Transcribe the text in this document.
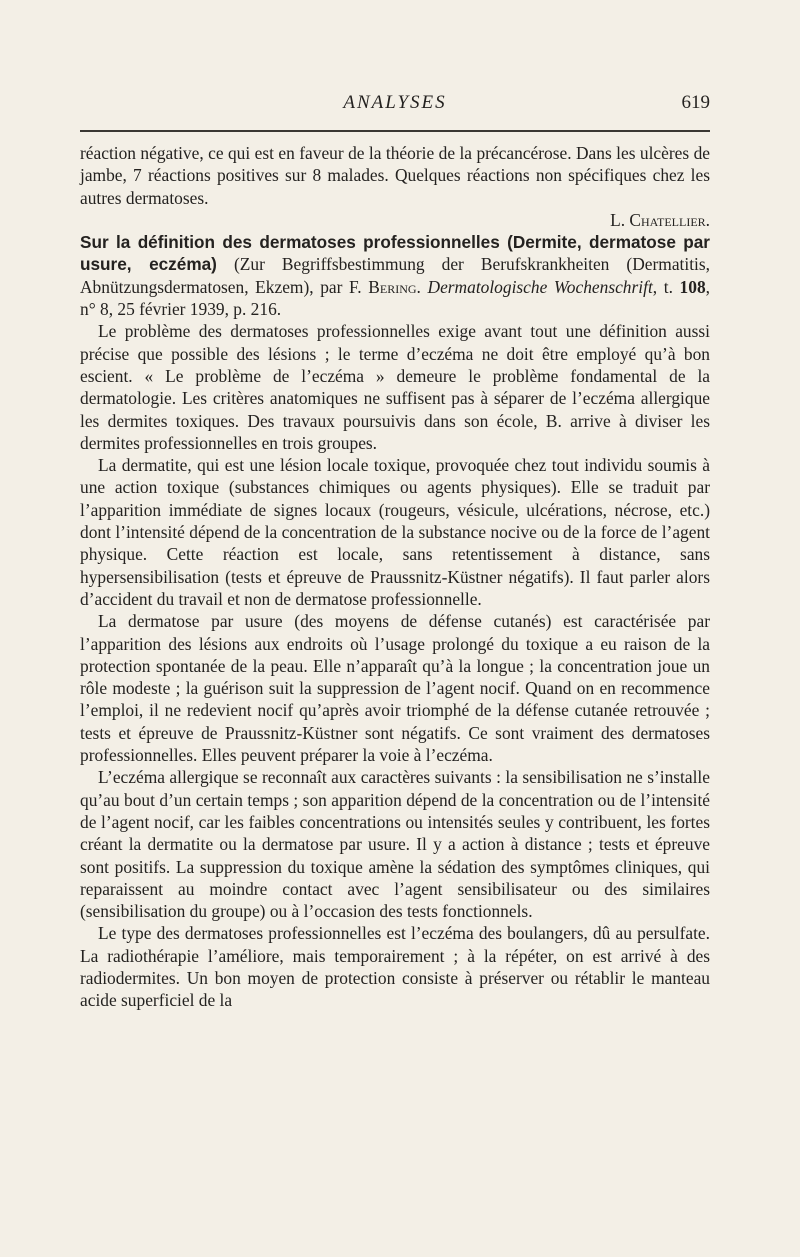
ANALYSES	619

réaction négative, ce qui est en faveur de la théorie de la précancérose. Dans les ulcères de jambe, 7 réactions positives sur 8 malades. Quelques réactions non spécifiques chez les autres dermatoses.

L. Chatellier.

Sur la définition des dermatoses professionnelles (Dermite, dermatose par usure, eczéma) (Zur Begriffsbestimmung der Berufskrankheiten (Dermatitis, Abnützungsdermatosen, Ekzem), par F. Bering. Dermatologische Wochenschrift, t. 108, n° 8, 25 février 1939, p. 216.

Le problème des dermatoses professionnelles exige avant tout une définition aussi précise que possible des lésions ; le terme d’eczéma ne doit être employé qu’à bon escient. « Le problème de l’eczéma » demeure le problème fondamental de la dermatologie. Les critères anatomiques ne suffisent pas à séparer de l’eczéma allergique les dermites toxiques. Des travaux poursuivis dans son école, B. arrive à diviser les dermites professionnelles en trois groupes.

La dermatite, qui est une lésion locale toxique, provoquée chez tout individu soumis à une action toxique (substances chimiques ou agents physiques). Elle se traduit par l’apparition immédiate de signes locaux (rougeurs, vésicule, ulcérations, nécrose, etc.) dont l’intensité dépend de la concentration de la substance nocive ou de la force de l’agent physique. Cette réaction est locale, sans retentissement à distance, sans hypersensibilisation (tests et épreuve de Praussnitz-Küstner négatifs). Il faut parler alors d’accident du travail et non de dermatose professionnelle.

La dermatose par usure (des moyens de défense cutanés) est caractérisée par l’apparition des lésions aux endroits où l’usage prolongé du toxique a eu raison de la protection spontanée de la peau. Elle n’apparaît qu’à la longue ; la concentration joue un rôle modeste ; la guérison suit la suppression de l’agent nocif. Quand on en recommence l’emploi, il ne redevient nocif qu’après avoir triomphé de la défense cutanée retrouvée ; tests et épreuve de Praussnitz-Küstner sont négatifs. Ce sont vraiment des dermatoses professionnelles. Elles peuvent préparer la voie à l’eczéma.

L’eczéma allergique se reconnaît aux caractères suivants : la sensibilisation ne s’installe qu’au bout d’un certain temps ; son apparition dépend de la concentration ou de l’intensité de l’agent nocif, car les faibles concentrations ou intensités seules y contribuent, les fortes créant la dermatite ou la dermatose par usure. Il y a action à distance ; tests et épreuve sont positifs. La suppression du toxique amène la sédation des symptômes cliniques, qui reparaissent au moindre contact avec l’agent sensibilisateur ou des similaires (sensibilisation du groupe) ou à l’occasion des tests fonctionnels.

Le type des dermatoses professionnelles est l’eczéma des boulangers, dû au persulfate. La radiothérapie l’améliore, mais temporairement ; à la répéter, on est arrivé à des radiodermites. Un bon moyen de protection consiste à préserver ou rétablir le manteau acide superficiel de la
